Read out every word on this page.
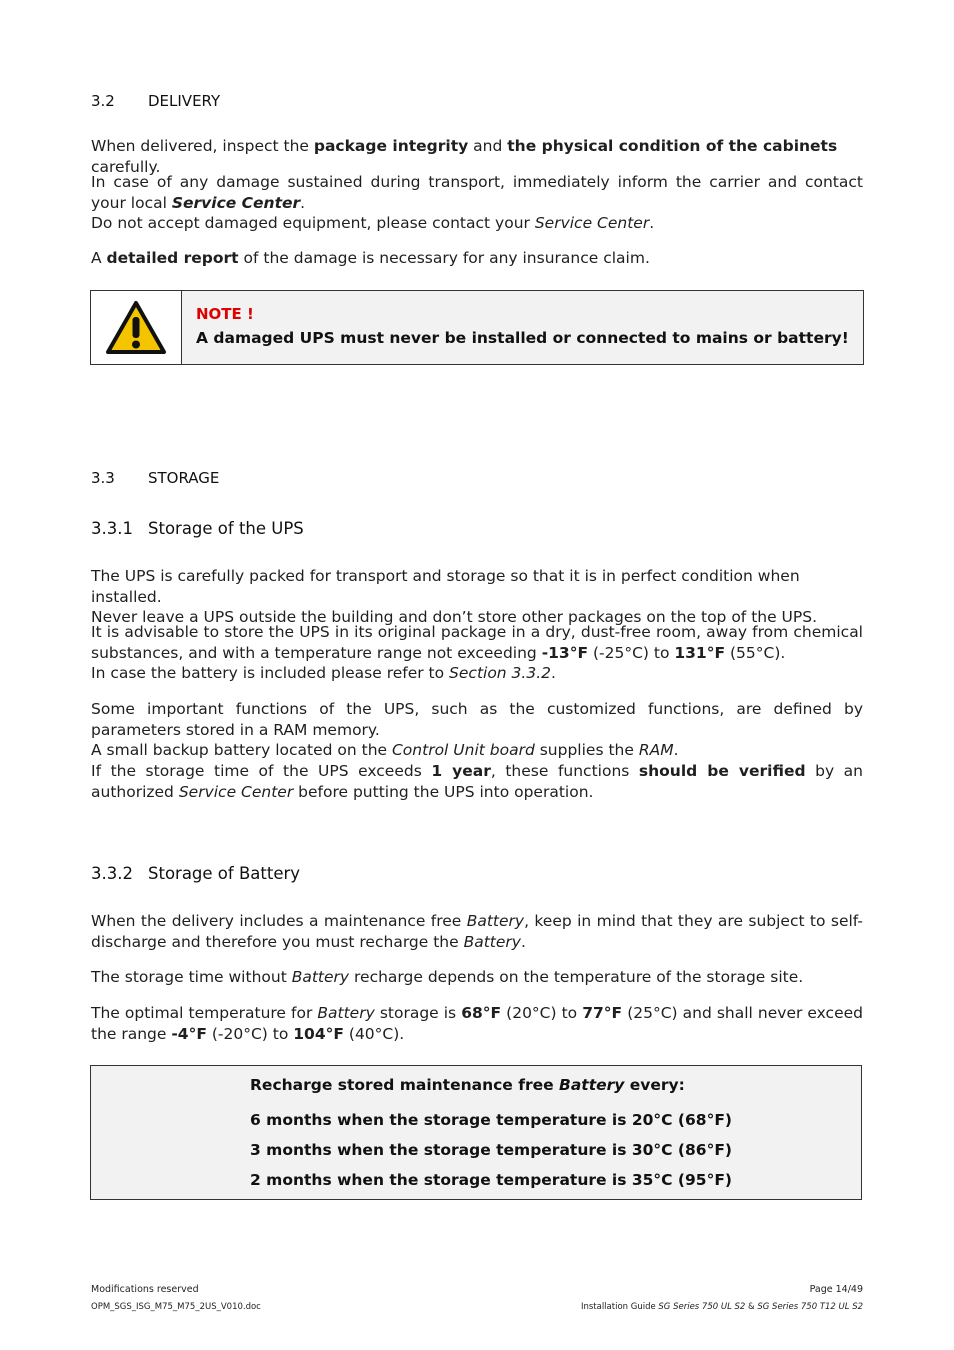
3.2 DELIVERY
When delivered, inspect the package integrity and the physical condition of the cabinets carefully.
In case of any damage sustained during transport, immediately inform the carrier and contact your local Service Center.
Do not accept damaged equipment, please contact your Service Center.
A detailed report of the damage is necessary for any insurance claim.
NOTE !
A damaged UPS must never be installed or connected to mains or battery!
3.3 STORAGE
3.3.1 Storage of the UPS
The UPS is carefully packed for transport and storage so that it is in perfect condition when installed.
Never leave a UPS outside the building and don’t store other packages on the top of the UPS.
It is advisable to store the UPS in its original package in a dry, dust-free room, away from chemical substances, and with a temperature range not exceeding -13°F (-25°C) to 131°F (55°C).
In case the battery is included please refer to Section 3.3.2.
Some important functions of the UPS, such as the customized functions, are defined by parameters stored in a RAM memory.
A small backup battery located on the Control Unit board supplies the RAM.
If the storage time of the UPS exceeds 1 year, these functions should be verified by an authorized Service Center before putting the UPS into operation.
3.3.2 Storage of Battery
When the delivery includes a maintenance free Battery, keep in mind that they are subject to self-discharge and therefore you must recharge the Battery.
The storage time without Battery recharge depends on the temperature of the storage site.
The optimal temperature for Battery storage is 68°F (20°C) to 77°F (25°C) and shall never exceed the range -4°F (-20°C) to 104°F (40°C).
Recharge stored maintenance free Battery every:
6 months when the storage temperature is 20°C (68°F)
3 months when the storage temperature is 30°C (86°F)
2 months when the storage temperature is 35°C (95°F)
Modifications reserved
OPM_SGS_ISG_M75_M75_2US_V010.doc
Page 14/49
Installation Guide SG Series 750 UL S2 & SG Series 750 T12 UL S2
